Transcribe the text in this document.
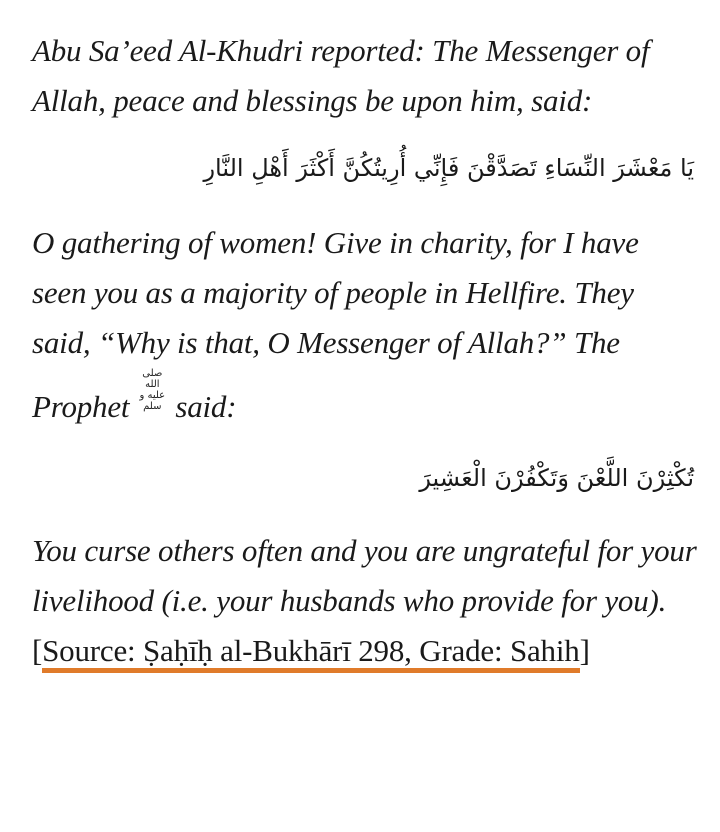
Abu Sa’eed Al-Khudri reported: The Messenger of Allah, peace and blessings be upon him, said:

يَا مَعْشَرَ النِّسَاءِ تَصَدَّقْنَ فَإِنِّي أُرِيتُكُنَّ أَكْثَرَ أَهْلِ النَّارِ

O gathering of women! Give in charity, for I have seen you as a majority of people in Hellfire. They said, “Why is that, O Messenger of Allah?” The Prophetصلى الله عليه و سلم said:

تُكْثِرْنَ اللَّعْنَ وَتَكْفُرْنَ الْعَشِيرَ

You curse others often and you are ungrateful for your livelihood (i.e. your husbands who provide for you). [Source: Ṣaḥīḥ al-Bukhārī 298, Grade: Sahih]
